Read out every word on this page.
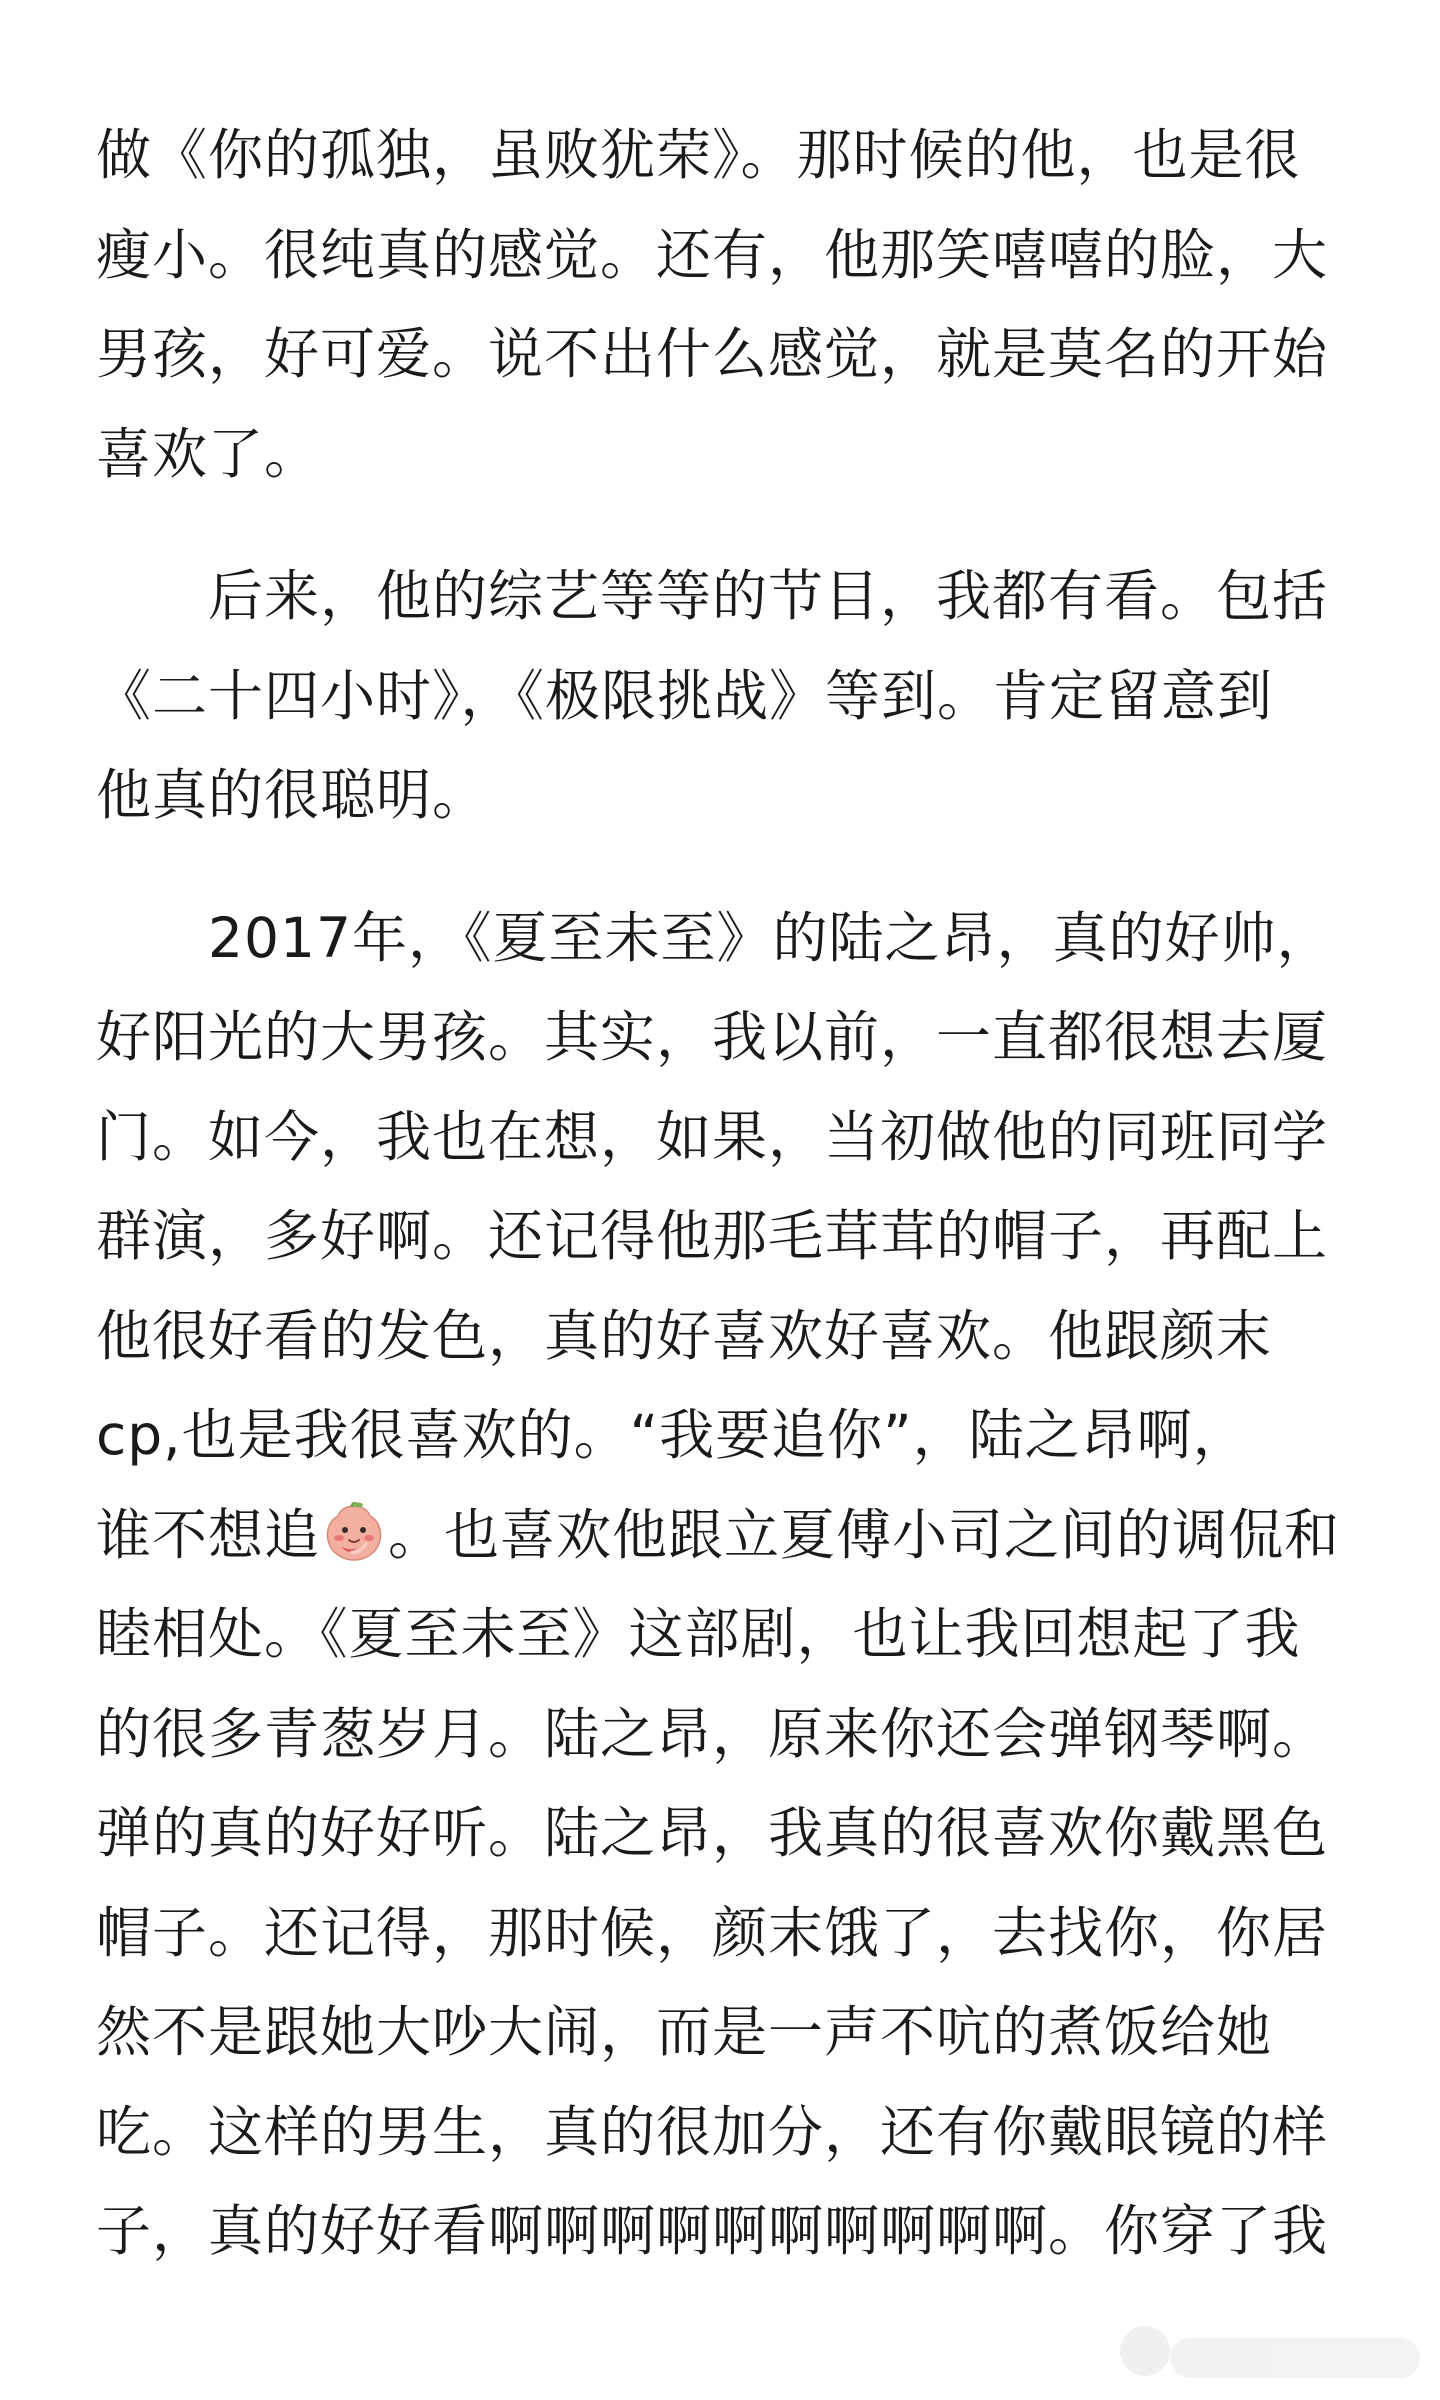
做《你的孤独，虽败犹荣》。那时候的他，也是很
瘦小。很纯真的感觉。还有，他那笑嘻嘻的脸，大
男孩，好可爱。说不出什么感觉，就是莫名的开始
喜欢了。
后来，他的综艺等等的节目，我都有看。包括
《二十四小时》，《极限挑战》等到。肯定留意到
他真的很聪明。
2017年，《夏至未至》的陆之昂，真的好帅，
好阳光的大男孩。其实，我以前，一直都很想去厦
门。如今，我也在想，如果，当初做他的同班同学
群演，多好啊。还记得他那毛茸茸的帽子，再配上
他很好看的发色，真的好喜欢好喜欢。他跟颜末
cp,也是我很喜欢的。“我要追你”，陆之昂啊，
谁不想追 。也喜欢他跟立夏傅小司之间的调侃和
睦相处。《夏至未至》这部剧，也让我回想起了我
的很多青葱岁月。陆之昂，原来你还会弹钢琴啊。
弹的真的好好听。陆之昂，我真的很喜欢你戴黑色
帽子。还记得，那时候，颜末饿了，去找你，你居
然不是跟她大吵大闹，而是一声不吭的煮饭给她
吃。这样的男生，真的很加分，还有你戴眼镜的样
子，真的好好看啊啊啊啊啊啊啊啊啊啊。你穿了我
